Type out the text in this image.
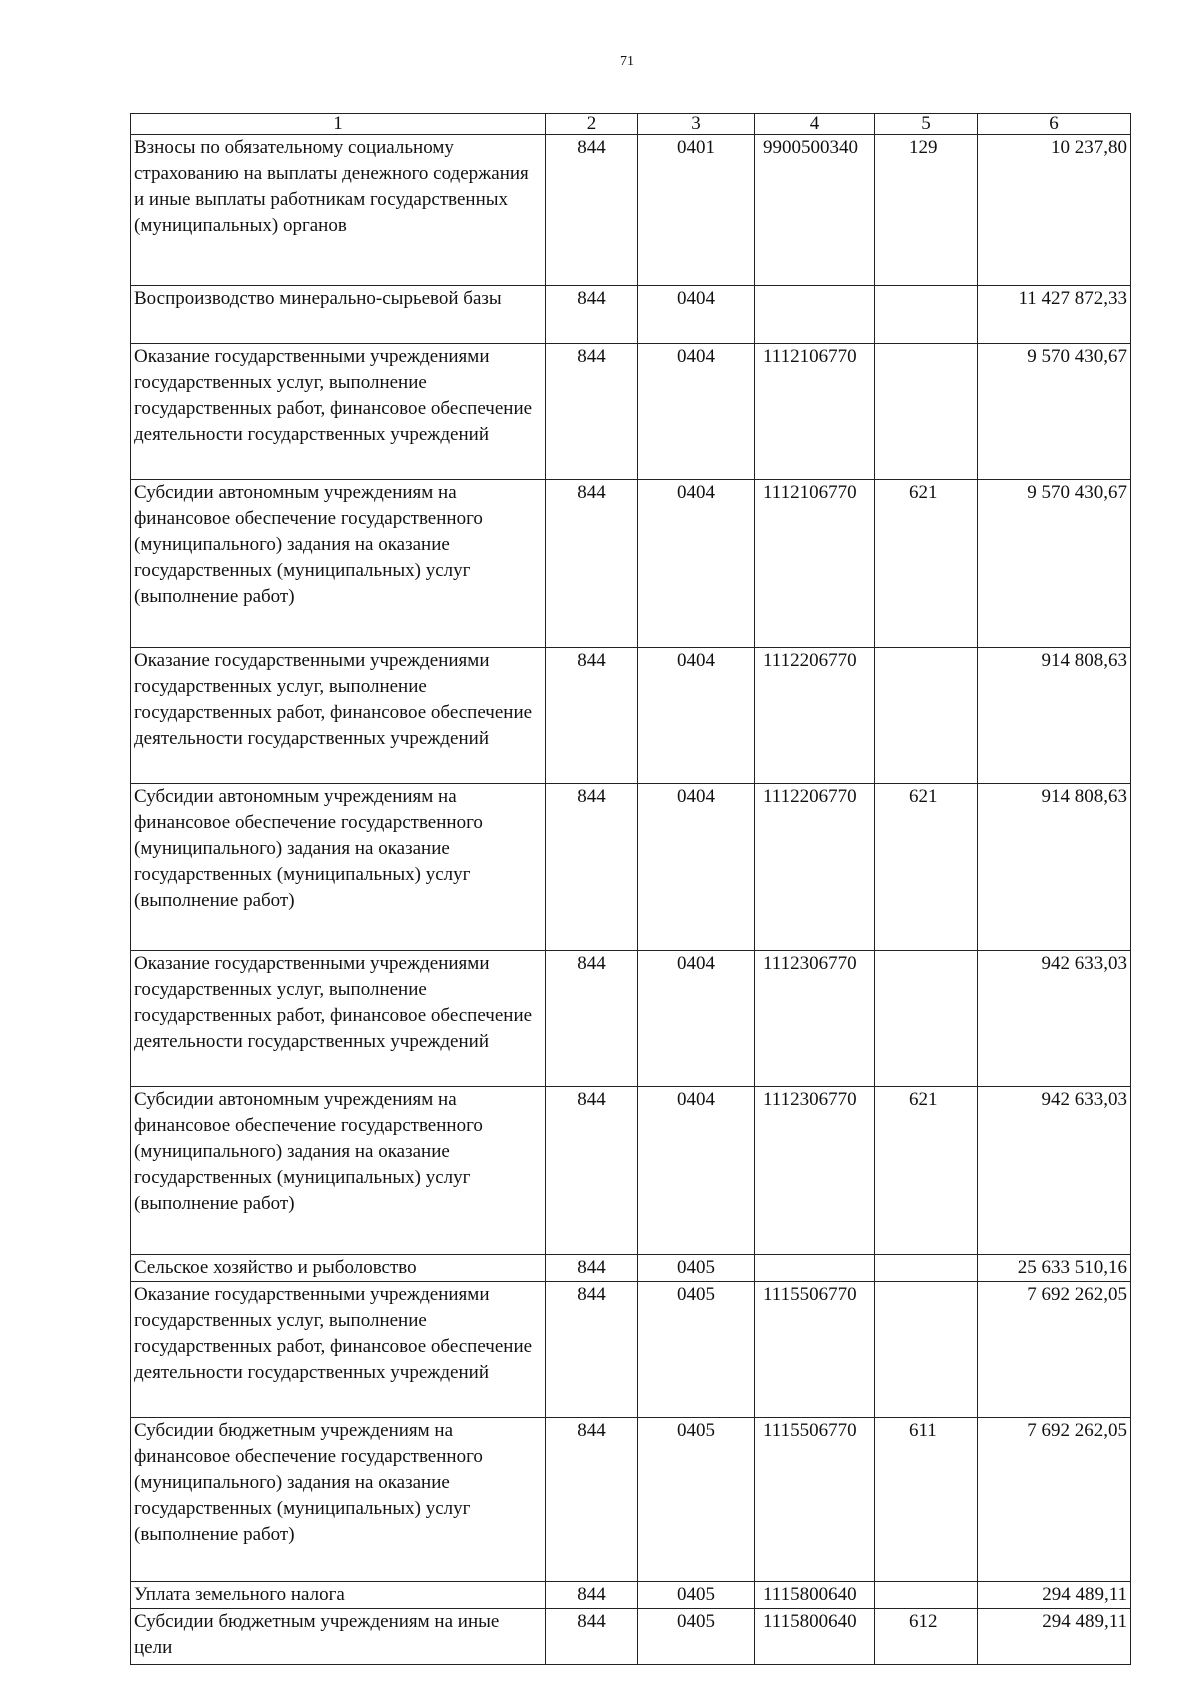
71
1	2	3	4	5	6
Взносы по обязательному социальному страхованию на выплаты денежного содержания и иные выплаты работникам государственных (муниципальных) органов	844	0401	9900500340	129	10 237,80
Воспроизводство минерально-сырьевой базы	844	0404			11 427 872,33
Оказание государственными учреждениями государственных услуг, выполнение государственных работ, финансовое обеспечение деятельности государственных учреждений	844	0404	1112106770		9 570 430,67
Субсидии автономным учреждениям на финансовое обеспечение государственного (муниципального) задания на оказание государственных (муниципальных) услуг (выполнение работ)	844	0404	1112106770	621	9 570 430,67
Оказание государственными учреждениями государственных услуг, выполнение государственных работ, финансовое обеспечение деятельности государственных учреждений	844	0404	1112206770		914 808,63
Субсидии автономным учреждениям на финансовое обеспечение государственного (муниципального) задания на оказание государственных (муниципальных) услуг (выполнение работ)	844	0404	1112206770	621	914 808,63
Оказание государственными учреждениями государственных услуг, выполнение государственных работ, финансовое обеспечение деятельности государственных учреждений	844	0404	1112306770		942 633,03
Субсидии автономным учреждениям на финансовое обеспечение государственного (муниципального) задания на оказание государственных (муниципальных) услуг (выполнение работ)	844	0404	1112306770	621	942 633,03
Сельское хозяйство и рыболовство	844	0405			25 633 510,16
Оказание государственными учреждениями государственных услуг, выполнение государственных работ, финансовое обеспечение деятельности государственных учреждений	844	0405	1115506770		7 692 262,05
Субсидии бюджетным учреждениям на финансовое обеспечение государственного (муниципального) задания на оказание государственных (муниципальных) услуг (выполнение работ)	844	0405	1115506770	611	7 692 262,05
Уплата земельного налога	844	0405	1115800640		294 489,11
Субсидии бюджетным учреждениям на иные цели	844	0405	1115800640	612	294 489,11
